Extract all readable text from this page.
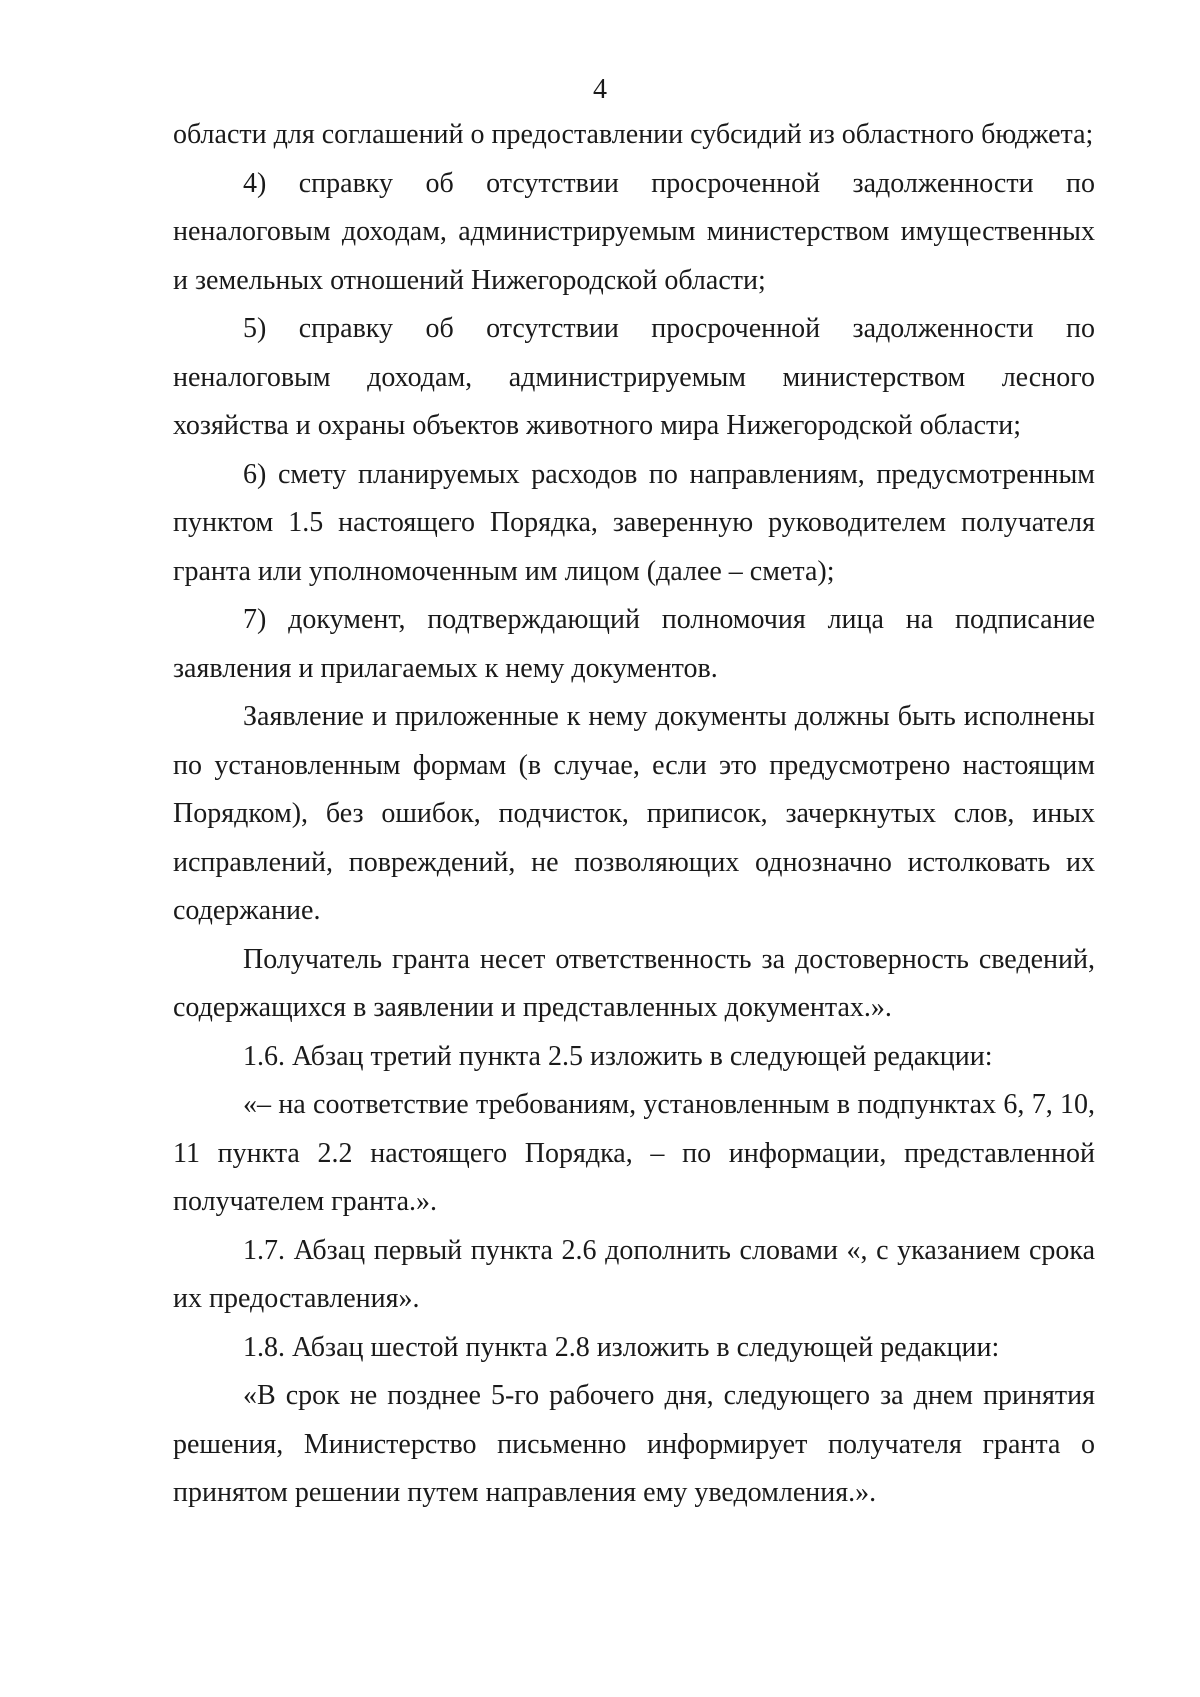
4

области для соглашений о предоставлении субсидий из областного бюджета;

4) справку об отсутствии просроченной задолженности по неналоговым доходам, администрируемым министерством имущественных и земельных отношений Нижегородской области;

5) справку об отсутствии просроченной задолженности по неналоговым доходам, администрируемым министерством лесного хозяйства и охраны объектов животного мира Нижегородской области;

6) смету планируемых расходов по направлениям, предусмотренным пунктом 1.5 настоящего Порядка, заверенную руководителем получателя гранта или уполномоченным им лицом (далее – смета);

7) документ, подтверждающий полномочия лица на подписание заявления и прилагаемых к нему документов.

Заявление и приложенные к нему документы должны быть исполнены по установленным формам (в случае, если это предусмотрено настоящим Порядком), без ошибок, подчисток, приписок, зачеркнутых слов, иных исправлений, повреждений, не позволяющих однозначно истолковать их содержание.

Получатель гранта несет ответственность за достоверность сведений, содержащихся в заявлении и представленных документах.».

1.6. Абзац третий пункта 2.5 изложить в следующей редакции:

«– на соответствие требованиям, установленным в подпунктах 6, 7, 10, 11 пункта 2.2 настоящего Порядка, – по информации, представленной получателем гранта.».

1.7. Абзац первый пункта 2.6 дополнить словами «, с указанием срока их предоставления».

1.8. Абзац шестой пункта 2.8 изложить в следующей редакции:

«В срок не позднее 5-го рабочего дня, следующего за днем принятия решения, Министерство письменно информирует получателя гранта о принятом решении путем направления ему уведомления.».
